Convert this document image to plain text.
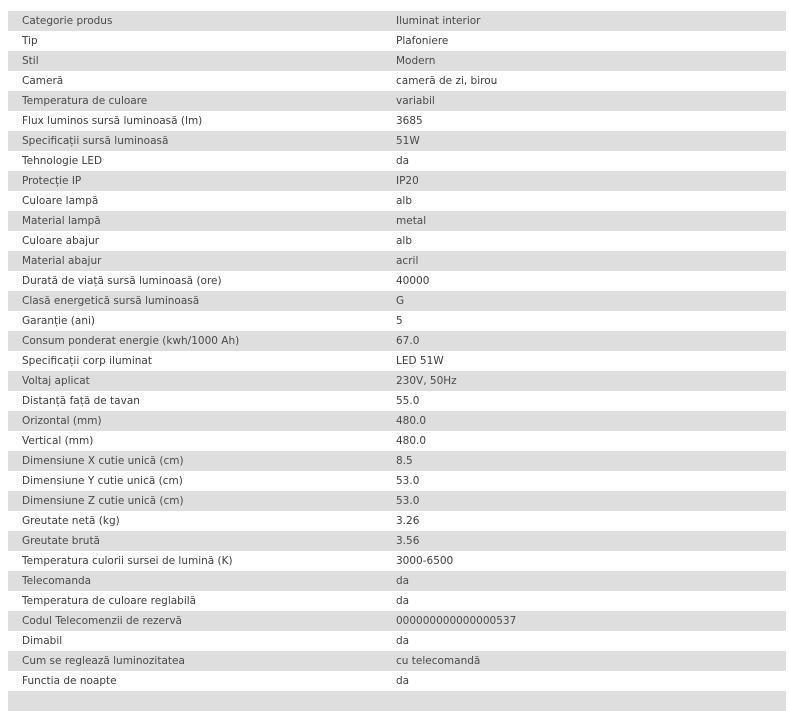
Categorie produs	Iluminat interior
Tip	Plafoniere
Stil	Modern
Cameră	cameră de zi, birou
Temperatura de culoare	variabil
Flux luminos sursă luminoasă (lm)	3685
Specificații sursă luminoasă	51W
Tehnologie LED	da
Protecție IP	IP20
Culoare lampă	alb
Material lampă	metal
Culoare abajur	alb
Material abajur	acril
Durată de viață sursă luminoasă (ore)	40000
Clasă energetică sursă luminoasă	G
Garanție (ani)	5
Consum ponderat energie (kwh/1000 Ah)	67.0
Specificații corp iluminat	LED 51W
Voltaj aplicat	230V, 50Hz
Distanță față de tavan	55.0
Orizontal (mm)	480.0
Vertical (mm)	480.0
Dimensiune X cutie unică (cm)	8.5
Dimensiune Y cutie unică (cm)	53.0
Dimensiune Z cutie unică (cm)	53.0
Greutate netă (kg)	3.26
Greutate brută	3.56
Temperatura culorii sursei de lumină (K)	3000-6500
Telecomanda	da
Temperatura de culoare reglabilă	da
Codul Telecomenzii de rezervă	000000000000000537
Dimabil	da
Cum se reglează luminozitatea	cu telecomandă
Functia de noapte	da
